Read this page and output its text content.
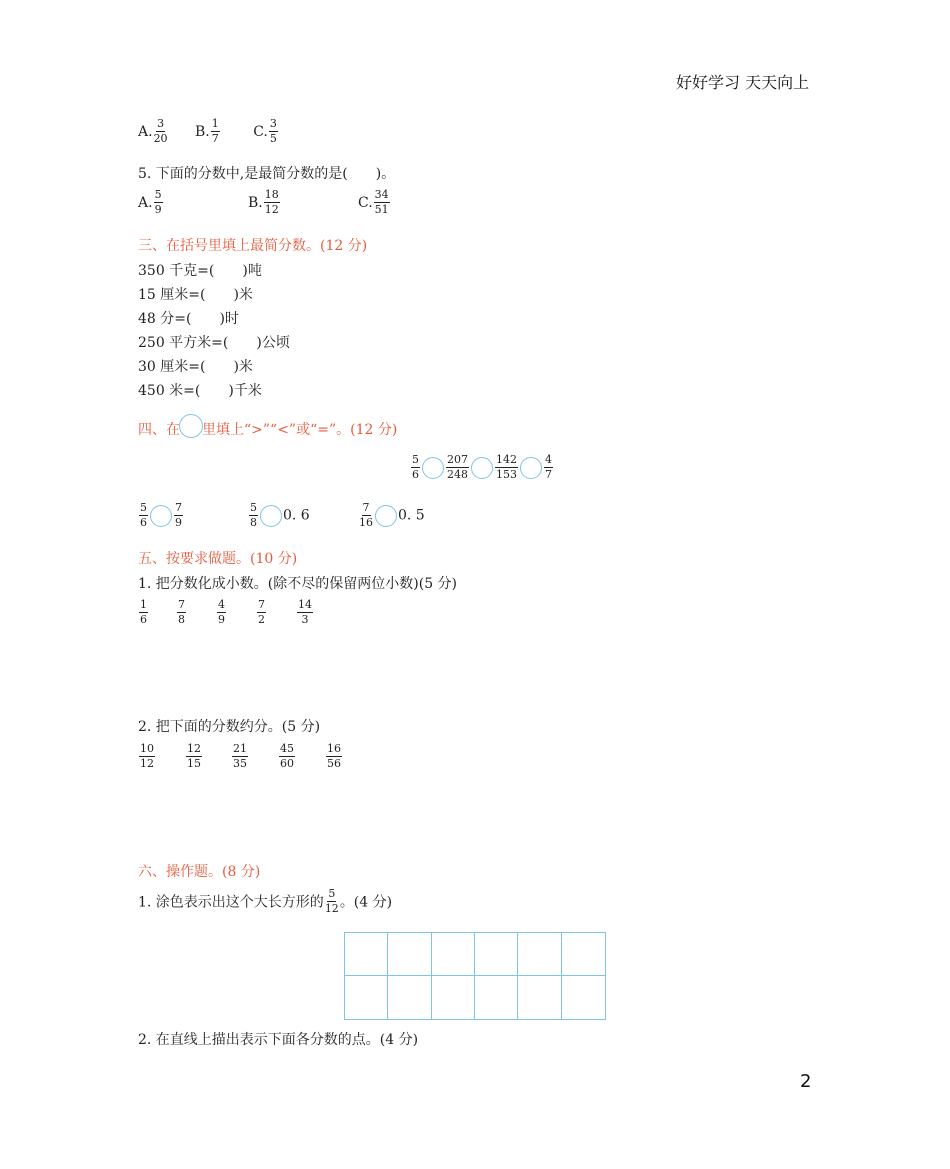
好好学习 天天向上
A. $\frac{3}{20}$
B. $\frac{1}{7}$
C. $\frac{3}{5}$
5. 下面的分数中,是最简分数的是(　　)。
A. $\frac{5}{9}$	B. $\frac{18}{12}$	C. $\frac{34}{51}$
三、在括号里填上最简分数。(12 分)
350 千克=(　　)吨
15 厘米=(　　)米
48 分=(　　)时
250 平方米=(　　)公顷
30 厘米=(　　)米
450 米=(　　)千米
四、在 里填上“>”“<”或“=”。(12 分)
$\frac{5}{6} \frac{207}{248} \frac{142}{153} \frac{4}{7}$
$\frac{5}{6} \frac{7}{9}$	$\frac{5}{8} 0$. 6	$\frac{7}{16} 0$. 5
五、按要求做题。(10 分)
1. 把分数化成小数。(除不尽的保留两位小数)(5 分)
$\frac{1}{6}$	$\frac{7}{8}$	$\frac{4}{9}$	$\frac{7}{2}$	$\frac{14}{3}$
2. 把下面的分数约分。(5 分)
$\frac{10}{12}$	$\frac{12}{15}$	$\frac{21}{35}$	$\frac{45}{60}$	$\frac{16}{56}$
六、操作题。(8 分)
1. 涂色表示出这个大长方形的 $\frac{5}{12}$ 。(4 分)
2. 在直线上描出表示下面各分数的点。(4 分)
2
